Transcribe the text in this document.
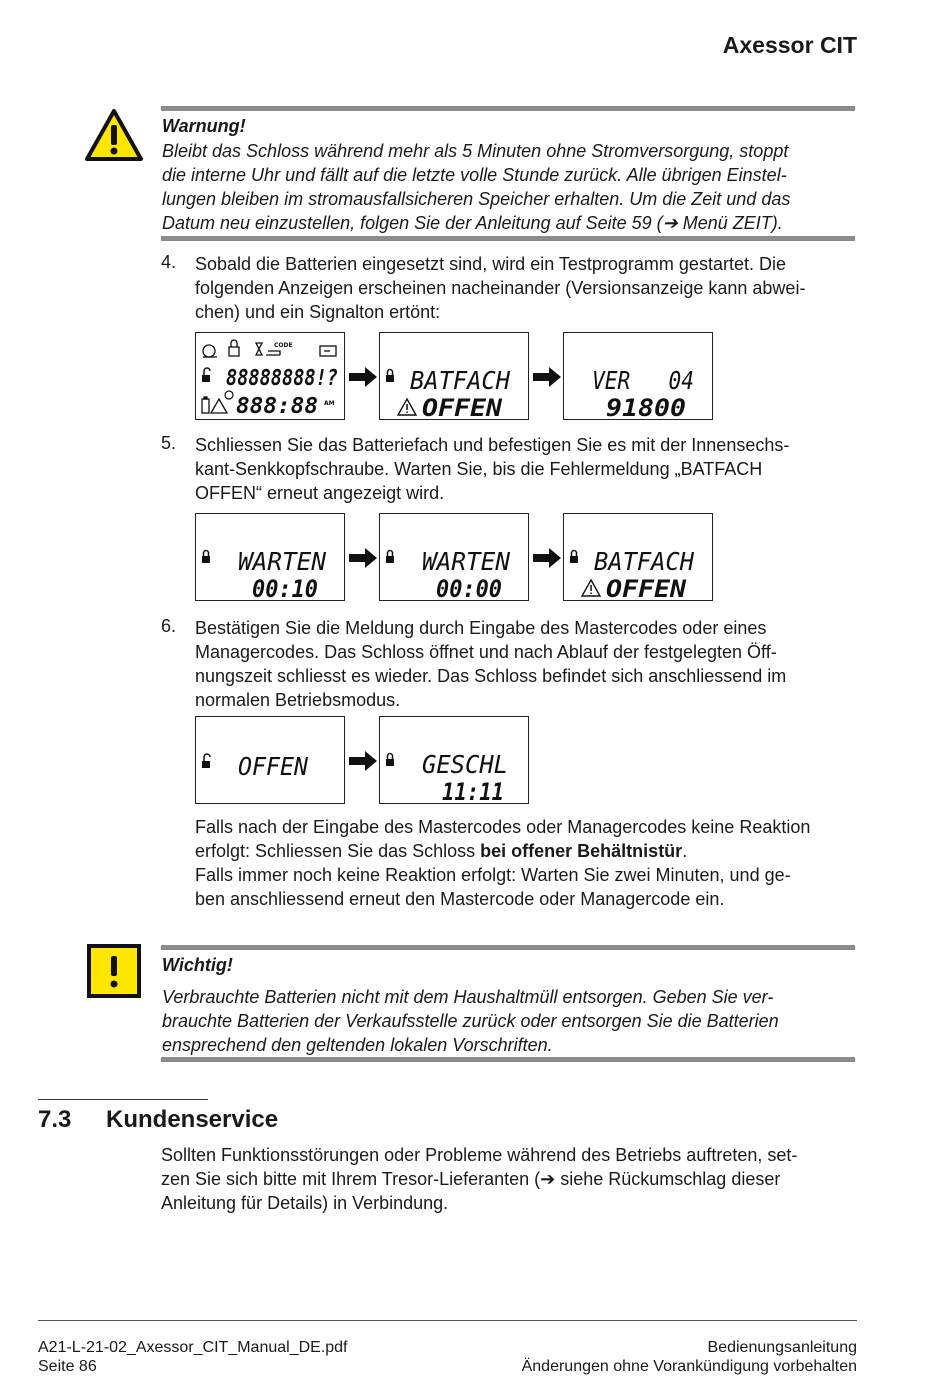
Axessor CIT
Warnung!
Bleibt das Schloss während mehr als 5 Minuten ohne Stromversorgung, stoppt
die interne Uhr und fällt auf die letzte volle Stunde zurück. Alle übrigen Einstel-
lungen bleiben im stromausfallsicheren Speicher erhalten. Um die Zeit und das
Datum neu einzustellen, folgen Sie der Anleitung auf Seite 59 (➔ Menü ZEIT).
4. Sobald die Batterien eingesetzt sind, wird ein Testprogramm gestartet. Die
folgenden Anzeigen erscheinen nacheinander (Versionsanzeige kann abwei-
chen) und ein Signalton ertönt:
CODE
88888888!?
888:88 AM
BATFACH
OFFEN
VER   04
91800
5. Schliessen Sie das Batteriefach und befestigen Sie es mit der Innensechs-
kant-Senkkopfschraube. Warten Sie, bis die Fehlermeldung „BATFACH
OFFEN“ erneut angezeigt wird.
WARTEN
00:10
WARTEN
00:00
BATFACH
OFFEN
6. Bestätigen Sie die Meldung durch Eingabe des Mastercodes oder eines
Managercodes. Das Schloss öffnet und nach Ablauf der festgelegten Öff-
nungszeit schliesst es wieder. Das Schloss befindet sich anschliessend im
normalen Betriebsmodus.
OFFEN	GESCHL
11:11
Falls nach der Eingabe des Mastercodes oder Managercodes keine Reaktion
erfolgt: Schliessen Sie das Schloss bei offener Behältnistür.
Falls immer noch keine Reaktion erfolgt: Warten Sie zwei Minuten, und ge-
ben anschliessend erneut den Mastercode oder Managercode ein.
Wichtig!
Verbrauchte Batterien nicht mit dem Haushaltmüll entsorgen. Geben Sie ver-
brauchte Batterien der Verkaufsstelle zurück oder entsorgen Sie die Batterien
ensprechend den geltenden lokalen Vorschriften.
7.3 Kundenservice
Sollten Funktionsstörungen oder Probleme während des Betriebs auftreten, set-
zen Sie sich bitte mit Ihrem Tresor-Lieferanten (➔ siehe Rückumschlag dieser
Anleitung für Details) in Verbindung.
A21-L-21-02_Axessor_CIT_Manual_DE.pdf
Seite 86
Bedienungsanleitung
Änderungen ohne Vorankündigung vorbehalten
